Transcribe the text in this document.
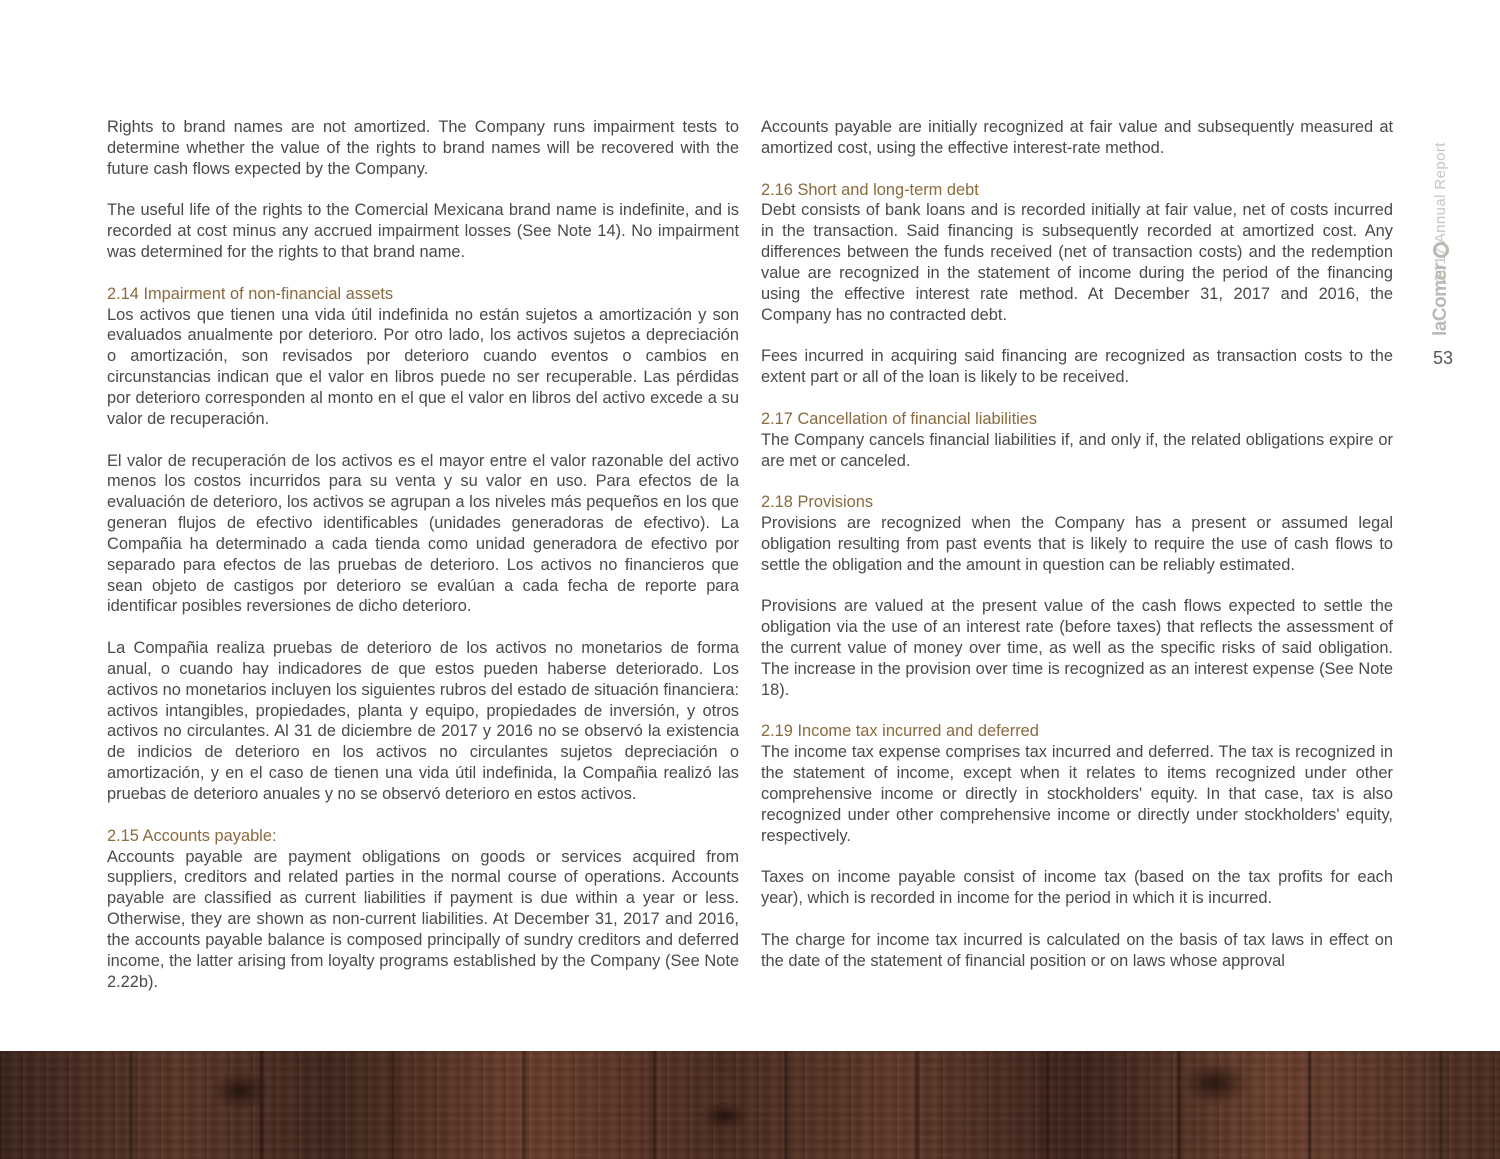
Rights to brand names are not amortized. The Company runs impairment tests to determine whether the value of the rights to brand names will be recovered with the future cash flows expected by the Company.

The useful life of the rights to the Comercial Mexicana brand name is indefinite, and is recorded at cost minus any accrued impairment losses (See Note 14). No impairment was determined for the rights to that brand name.

2.14 Impairment of non-financial assets

Los activos que tienen una vida útil indefinida no están sujetos a amortización y son evaluados anualmente por deterioro. Por otro lado, los activos sujetos a depreciación o amortización, son revisados por deterioro cuando eventos o cambios en circunstancias indican que el valor en libros puede no ser recuperable. Las pérdidas por deterioro corresponden al monto en el que el valor en libros del activo excede a su valor de recuperación.

El valor de recuperación de los activos es el mayor entre el valor razonable del activo menos los costos incurridos para su venta y su valor en uso. Para efectos de la evaluación de deterioro, los activos se agrupan a los niveles más pequeños en los que generan flujos de efectivo identificables (unidades generadoras de efectivo). La Compañia ha determinado a cada tienda como unidad generadora de efectivo por separado para efectos de las pruebas de deterioro. Los activos no financieros que sean objeto de castigos por deterioro se evalúan a cada fecha de reporte para identificar posibles reversiones de dicho deterioro.

La Compañia realiza pruebas de deterioro de los activos no monetarios de forma anual, o cuando hay indicadores de que estos pueden haberse deteriorado. Los activos no monetarios incluyen los siguientes rubros del estado de situación financiera: activos intangibles, propiedades, planta y equipo, propiedades de inversión, y otros activos no circulantes. Al 31 de diciembre de 2017 y 2016 no se observó la existencia de indicios de deterioro en los activos no circulantes sujetos depreciación o amortización, y en el caso de tienen una vida útil indefinida, la Compañia realizó las pruebas de deterioro anuales y no se observó deterioro en estos activos.

2.15 Accounts payable:

Accounts payable are payment obligations on goods or services acquired from suppliers, creditors and related parties in the normal course of operations. Accounts payable are classified as current liabilities if payment is due within a year or less. Otherwise, they are shown as non-current liabilities. At December 31, 2017 and 2016, the accounts payable balance is composed principally of sundry creditors and deferred income, the latter arising from loyalty programs established by the Company (See Note 2.22b).

Accounts payable are initially recognized at fair value and subsequently measured at amortized cost, using the effective interest-rate method.

2.16 Short and long-term debt

Debt consists of bank loans and is recorded initially at fair value, net of costs incurred in the transaction. Said financing is subsequently recorded at amortized cost. Any differences between the funds received (net of transaction costs) and the redemption value are recognized in the statement of income during the period of the financing using the effective interest rate method. At December 31, 2017 and 2016, the Company has no contracted debt.

Fees incurred in acquiring said financing are recognized as transaction costs to the extent part or all of the loan is likely to be received.

2.17 Cancellation of financial liabilities

The Company cancels financial liabilities if, and only if, the related obligations expire or are met or canceled.

2.18 Provisions

Provisions are recognized when the Company has a present or assumed legal obligation resulting from past events that is likely to require the use of cash flows to settle the obligation and the amount in question can be reliably estimated.

Provisions are valued at the present value of the cash flows expected to settle the obligation via the use of an interest rate (before taxes) that reflects the assessment of the current value of money over time, as well as the specific risks of said obligation. The increase in the provision over time is recognized as an interest expense (See Note 18).

2.19 Income tax incurred and deferred

The income tax expense comprises tax incurred and deferred. The tax is recognized in the statement of income, except when it relates to items recognized under other comprehensive income or directly in stockholders' equity. In that case, tax is also recognized under other comprehensive income or directly under stockholders' equity, respectively.

Taxes on income payable consist of income tax (based on the tax profits for each year), which is recorded in income for the period in which it is incurred.

The charge for income tax incurred is calculated on the basis of tax laws in effect on the date of the statement of financial position or on laws whose approval

2017 Annual Report
laComer
53
